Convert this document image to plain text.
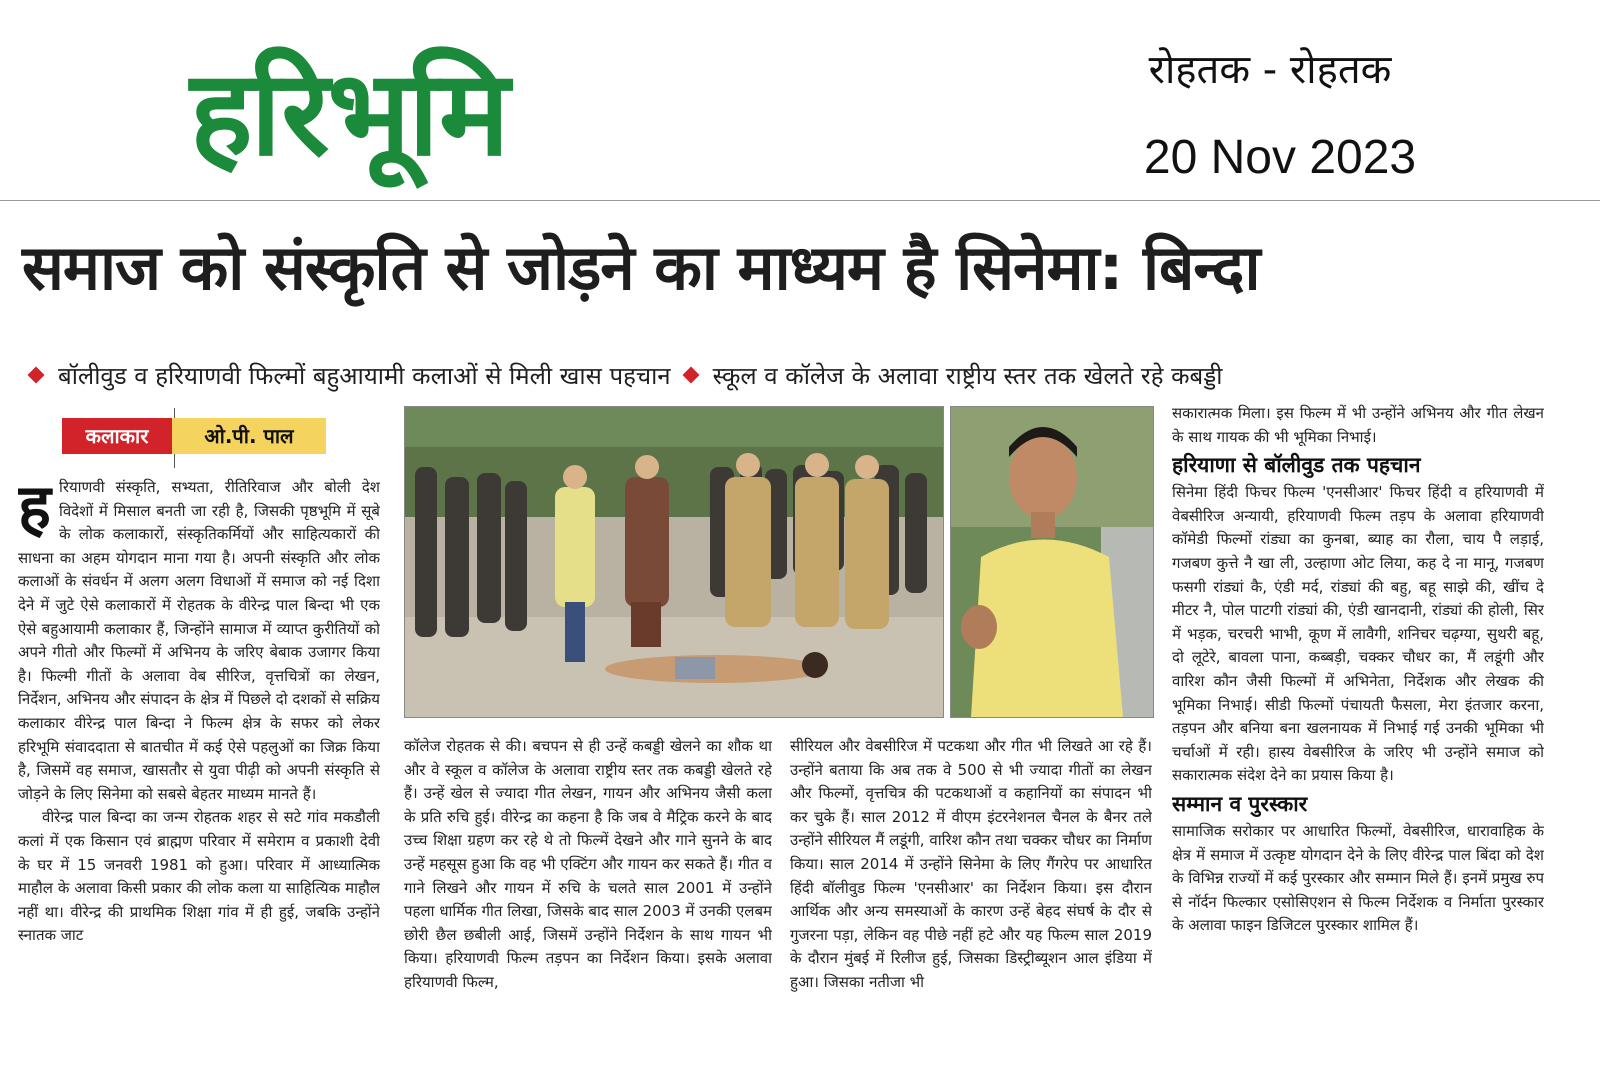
हरिभूमि	रोहतक - रोहतक
20 Nov 2023
समाज को संस्कृति से जोड़ने का माध्यम है सिनेमा: बिन्दा
बॉलीवुड व हरियाणवी फिल्मों बहुआयामी कलाओं से मिली खास पहचान स्कूल व कॉलेज के अलावा राष्ट्रीय स्तर तक खेलते रहे कबड्डी
कलाकार	ओ.पी. पाल
ह रियाणवी संस्कृति, सभ्यता, रीतिरिवाज और बोली देश विदेशों में मिसाल बनती जा रही है, जिसकी पृष्ठभूमि में सूबे के लोक कलाकारों, संस्कृतिकर्मियों और साहित्यकारों की साधना का अहम योगदान माना गया है। अपनी संस्कृति और लोक कलाओं के संवर्धन में अलग अलग विधाओं में समाज को नई दिशा देने में जुटे ऐसे कलाकारों में रोहतक के वीरेन्द्र पाल बिन्दा भी एक ऐसे बहुआयामी कलाकार हैं, जिन्होंने सामाज में व्याप्त कुरीतियों को अपने गीतो और फिल्मों में अभिनय के जरिए बेबाक उजागर किया है। फिल्मी गीतों के अलावा वेब सीरिज, वृत्तचित्रों का लेखन, निर्देशन, अभिनय और संपादन के क्षेत्र में पिछले दो दशकों से सक्रिय कलाकार वीरेन्द्र पाल बिन्दा ने फिल्म क्षेत्र के सफर को लेकर हरिभूमि संवाददाता से बातचीत में कई ऐसे पहलुओं का जिक्र किया है, जिसमें वह समाज, खासतौर से युवा पीढ़ी को अपनी संस्कृति से जोड़ने के लिए सिनेमा को सबसे बेहतर माध्यम मानते हैं।

वीरेन्द्र पाल बिन्दा का जन्म रोहतक शहर से सटे गांव मकडौली कलां में एक किसान एवं ब्राह्मण परिवार में समेराम व प्रकाशी देवी के घर में 15 जनवरी 1981 को हुआ। परिवार में आध्यात्मिक माहौल के अलावा किसी प्रकार की लोक कला या साहित्यिक माहौल नहीं था। वीरेन्द्र की प्राथमिक शिक्षा गांव में ही हुई, जबकि उन्होंने स्नातक जाट

कॉलेज रोहतक से की। बचपन से ही उन्हें कबड्डी खेलने का शौक था और वे स्कूल व कॉलेज के अलावा राष्ट्रीय स्तर तक कबड्डी खेलते रहे हैं। उन्हें खेल से ज्यादा गीत लेखन, गायन और अभिनय जैसी कला के प्रति रुचि हुई। वीरेन्द्र का कहना है कि जब वे मैट्रिक करने के बाद उच्च शिक्षा ग्रहण कर रहे थे तो फिल्में देखने और गाने सुनने के बाद उन्हें महसूस हुआ कि वह भी एक्टिंग और गायन कर सकते हैं। गीत व गाने लिखने और गायन में रुचि के चलते साल 2001 में उन्होंने पहला धार्मिक गीत लिखा, जिसके बाद साल 2003 में उनकी एलबम छोरी छैल छबीली आई, जिसमें उन्होंने निर्देशन के साथ गायन भी किया। हरियाणवी फिल्म तड़पन का निर्देशन किया। इसके अलावा हरियाणवी फिल्म,

सीरियल और वेबसीरिज में पटकथा और गीत भी लिखते आ रहे हैं। उन्होंने बताया कि अब तक वे 500 से भी ज्यादा गीतों का लेखन और फिल्मों, वृत्तचित्र की पटकथाओं व कहानियों का संपादन भी कर चुके हैं। साल 2012 में वीएम इंटरनेशनल चैनल के बैनर तले उन्होंने सीरियल मैं लडूंगी, वारिश कौन तथा चक्कर चौधर का निर्माण किया। साल 2014 में उन्होंने सिनेमा के लिए गैंगरेप पर आधारित हिंदी बॉलीवुड फिल्म 'एनसीआर' का निर्देशन किया। इस दौरान आर्थिक और अन्य समस्याओं के कारण उन्हें बेहद संघर्ष के दौर से गुजरना पड़ा, लेकिन वह पीछे नहीं हटे और यह फिल्म साल 2019 के दौरान मुंबई में रिलीज हुई, जिसका डिस्ट्रीब्यूशन आल इंडिया में हुआ। जिसका नतीजा भी

सकारात्मक मिला। इस फिल्म में भी उन्होंने अभिनय और गीत लेखन के साथ गायक की भी भूमिका निभाई।

हरियाणा से बॉलीवुड तक पहचान

सिनेमा हिंदी फिचर फिल्म 'एनसीआर' फिचर हिंदी व हरियाणवी में वेबसीरिज अन्यायी, हरियाणवी फिल्म तड़प के अलावा हरियाणवी कॉमेडी फिल्मों रांड्या का कुनबा, ब्याह का रौला, चाय पै लड़ाई, गजबण कुत्ते नै खा ली, उल्हाणा ओट लिया, कह दे ना मानू, गजबण फसगी रांड्यां कै, एंडी मर्द, रांड्यां की बहु, बहू साझे की, खींच दे मीटर नै, पोल पाटगी रांड्यां की, एंडी खानदानी, रांड्यां की होली, सिर में भड़क, चरचरी भाभी, कूण में लावैगी, शनिचर चढ़ग्या, सुथरी बहू, दो लूटेरे, बावला पाना, कब्बड़ी, चक्कर चौधर का, मैं लडूंगी और वारिश कौन जैसी फिल्मों में अभिनेता, निर्देशक और लेखक की भूमिका निभाई। सीडी फिल्मों पंचायती फैसला, मेरा इंतजार करना, तड़पन और बनिया बना खलनायक में निभाई गई उनकी भूमिका भी चर्चाओं में रही। हास्य वेबसीरिज के जरिए भी उन्होंने समाज को सकारात्मक संदेश देने का प्रयास किया है।

सम्मान व पुरस्कार

सामाजिक सरोकार पर आधारित फिल्मों, वेबसीरिज, धारावाहिक के क्षेत्र में समाज में उत्कृष्ट योगदान देने के लिए वीरेन्द्र पाल बिंदा को देश के विभिन्न राज्यों में कई पुरस्कार और सम्मान मिले हैं। इनमें प्रमुख रुप से नॉर्दन फिल्कार एसोसिएशन से फिल्म निर्देशक व निर्माता पुरस्कार के अलावा फाइन डिजिटल पुरस्कार शामिल हैं।
